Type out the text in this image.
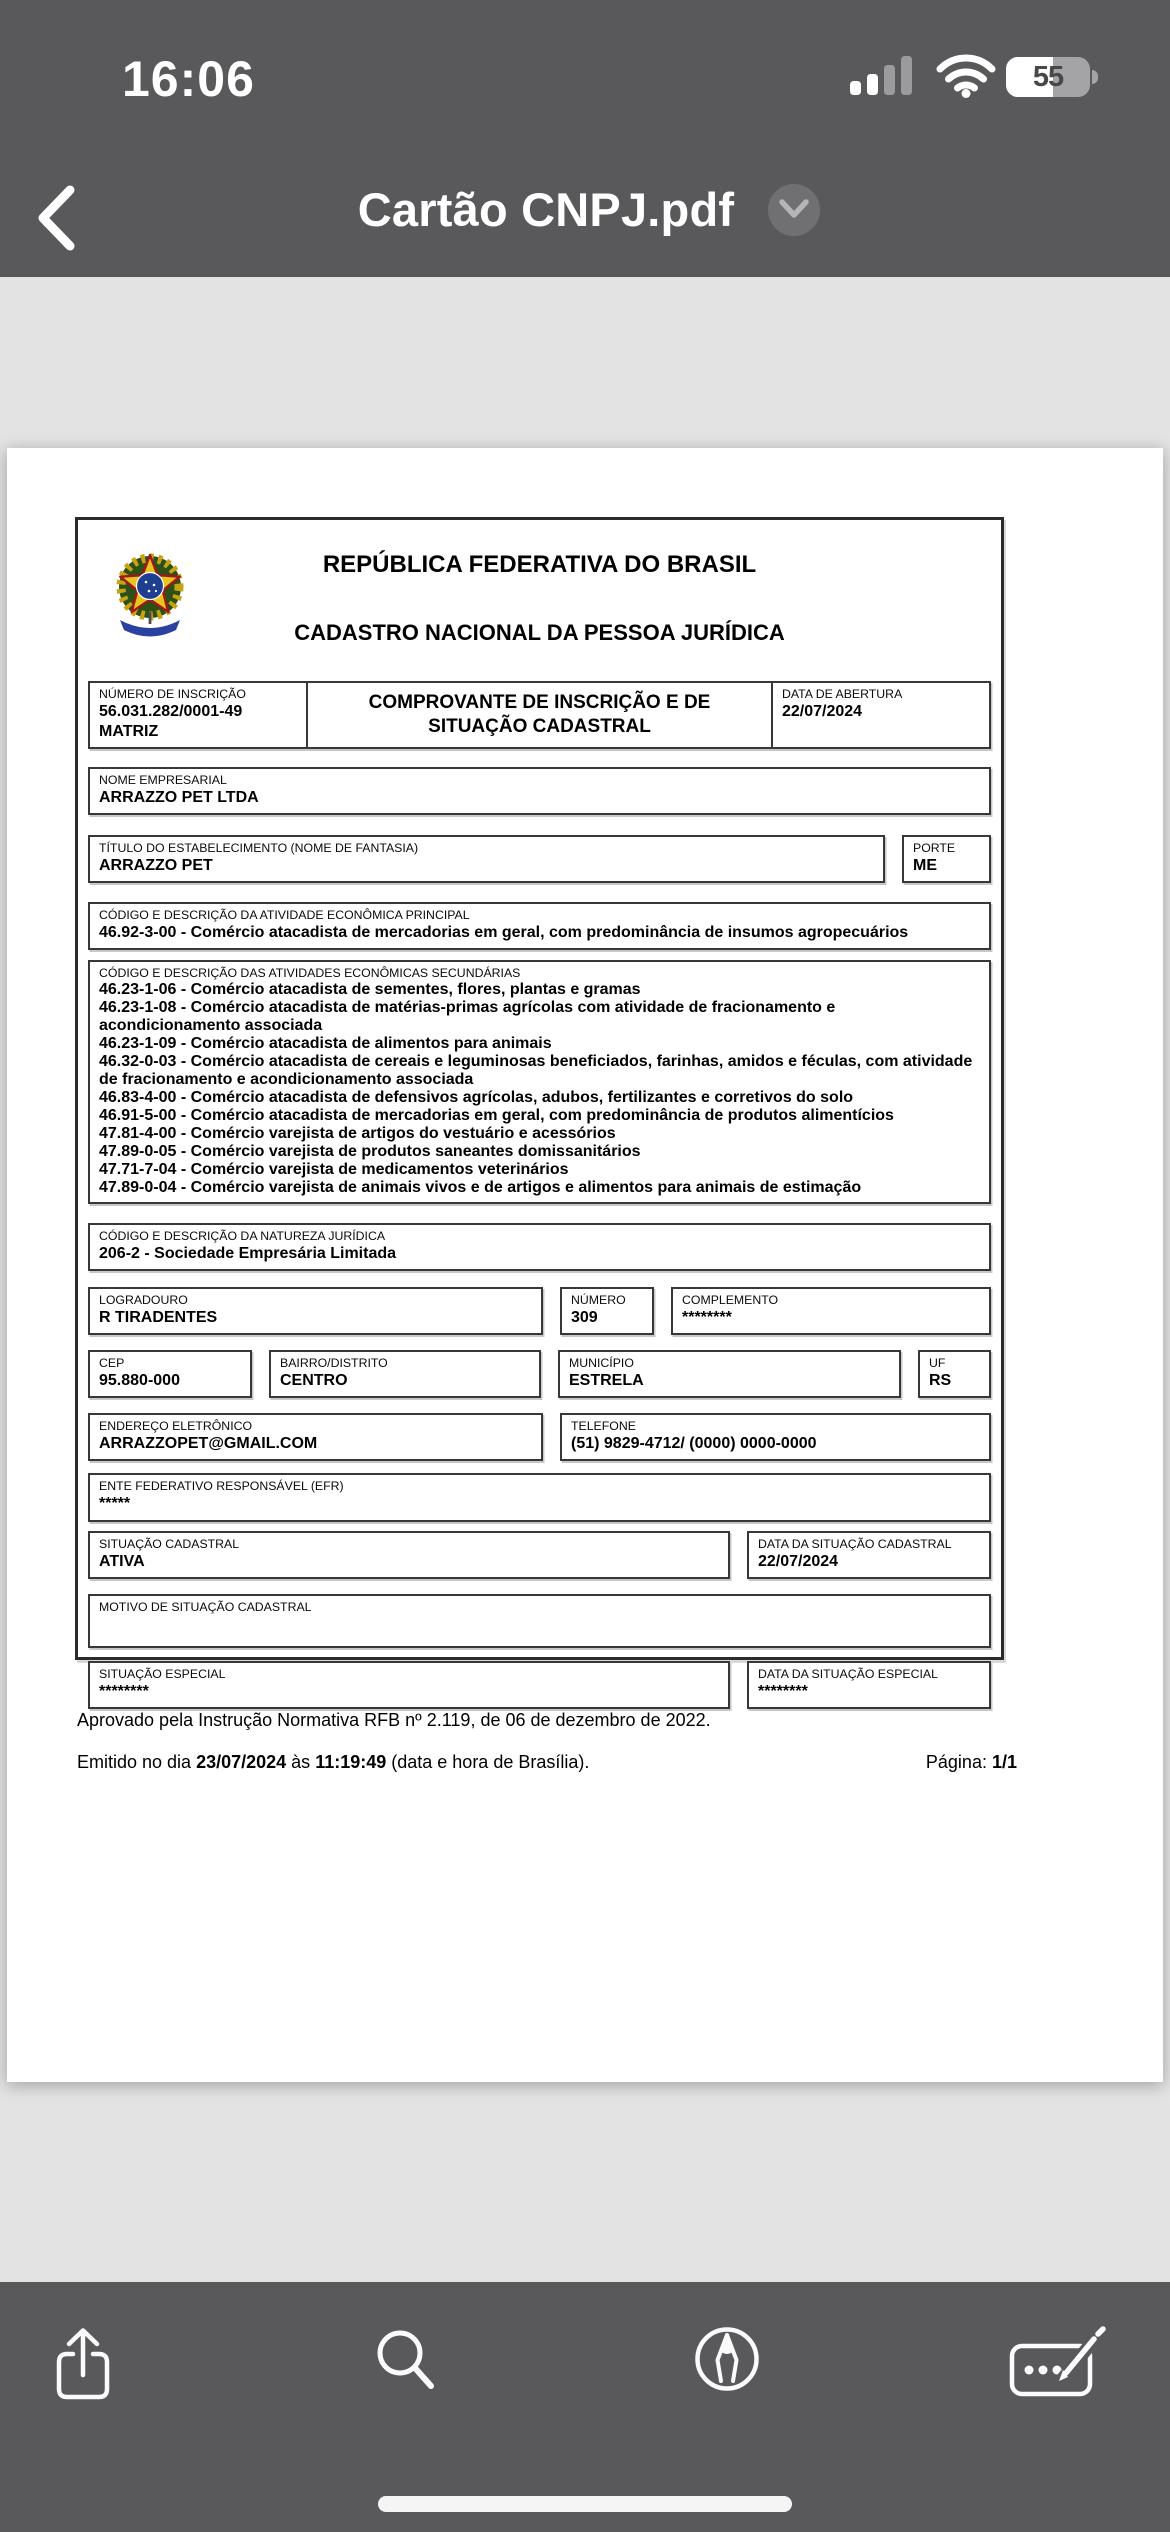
16:06	55
Cartão CNPJ.pdf
REPÚBLICA FEDERATIVA DO BRASIL
CADASTRO NACIONAL DA PESSOA JURÍDICA
NÚMERO DE INSCRIÇÃO
56.031.282/0001-49
MATRIZ
COMPROVANTE DE INSCRIÇÃO E DE SITUAÇÃO CADASTRAL
DATA DE ABERTURA
22/07/2024
NOME EMPRESARIAL
ARRAZZO PET LTDA
TÍTULO DO ESTABELECIMENTO (NOME DE FANTASIA)
ARRAZZO PET
PORTE
ME
CÓDIGO E DESCRIÇÃO DA ATIVIDADE ECONÔMICA PRINCIPAL
46.92-3-00 - Comércio atacadista de mercadorias em geral, com predominância de insumos agropecuários
CÓDIGO E DESCRIÇÃO DAS ATIVIDADES ECONÔMICAS SECUNDÁRIAS
46.23-1-06 - Comércio atacadista de sementes, flores, plantas e gramas
46.23-1-08 - Comércio atacadista de matérias-primas agrícolas com atividade de fracionamento e acondicionamento associada
46.23-1-09 - Comércio atacadista de alimentos para animais
46.32-0-03 - Comércio atacadista de cereais e leguminosas beneficiados, farinhas, amidos e féculas, com atividade de fracionamento e acondicionamento associada
46.83-4-00 - Comércio atacadista de defensivos agrícolas, adubos, fertilizantes e corretivos do solo
46.91-5-00 - Comércio atacadista de mercadorias em geral, com predominância de produtos alimentícios
47.81-4-00 - Comércio varejista de artigos do vestuário e acessórios
47.89-0-05 - Comércio varejista de produtos saneantes domissanitários
47.71-7-04 - Comércio varejista de medicamentos veterinários
47.89-0-04 - Comércio varejista de animais vivos e de artigos e alimentos para animais de estimação
CÓDIGO E DESCRIÇÃO DA NATUREZA JURÍDICA
206-2 - Sociedade Empresária Limitada
LOGRADOURO
R TIRADENTES
NÚMERO
309
COMPLEMENTO
********
CEP
95.880-000
BAIRRO/DISTRITO
CENTRO
MUNICÍPIO
ESTRELA
UF
RS
ENDEREÇO ELETRÔNICO
ARRAZZOPET@GMAIL.COM
TELEFONE
(51) 9829-4712/ (0000) 0000-0000
ENTE FEDERATIVO RESPONSÁVEL (EFR)
*****
SITUAÇÃO CADASTRAL
ATIVA
DATA DA SITUAÇÃO CADASTRAL
22/07/2024
MOTIVO DE SITUAÇÃO CADASTRAL
SITUAÇÃO ESPECIAL
********
DATA DA SITUAÇÃO ESPECIAL
********
Aprovado pela Instrução Normativa RFB nº 2.119, de 06 de dezembro de 2022.
Emitido no dia 23/07/2024 às 11:19:49 (data e hora de Brasília).	Página: 1/1
